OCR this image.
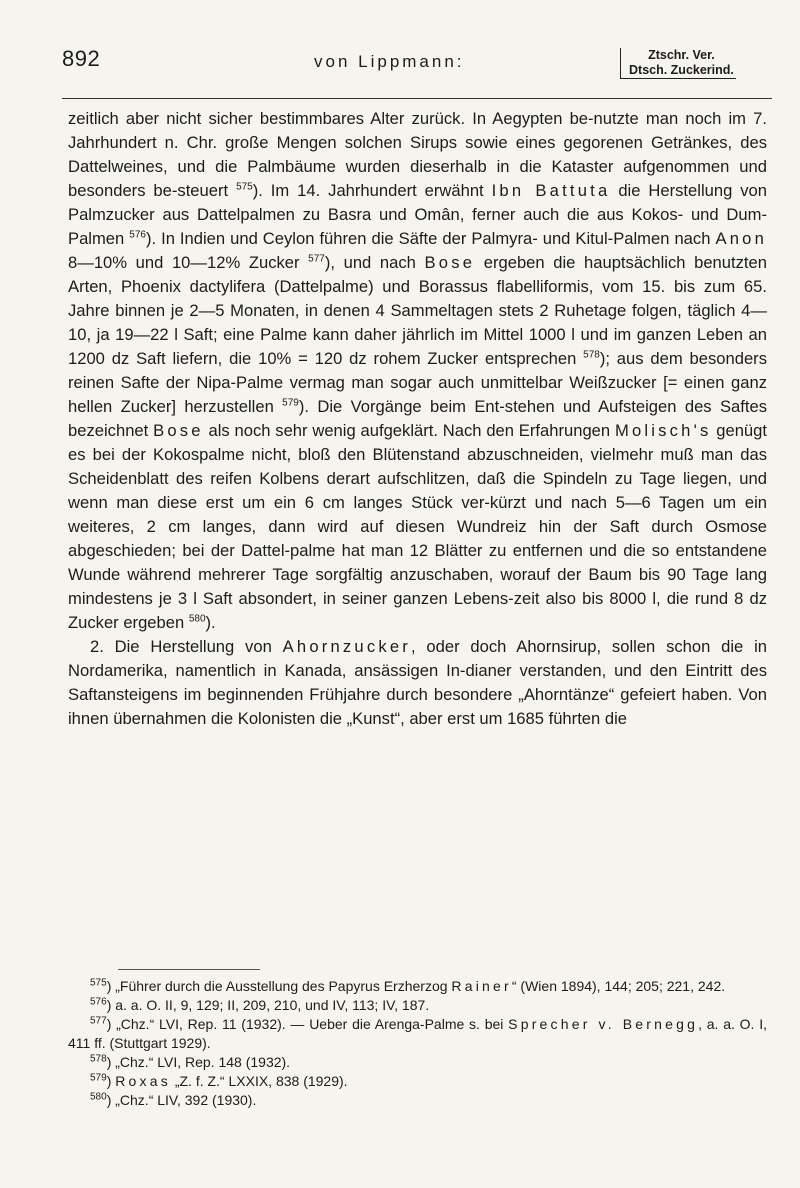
892	von Lippmann:	Ztschr. Ver.
Dtsch. Zuckerind.

zeitlich aber nicht sicher bestimmbares Alter zurück. In Aegypten be-nutzte man noch im 7. Jahrhundert n. Chr. große Mengen solchen Sirups sowie eines gegorenen Getränkes, des Dattelweines, und die Palmbäume wurden dieserhalb in die Kataster aufgenommen und besonders be-steuert $^{575}$). Im 14. Jahrhundert erwähnt Ibn Battuta die Herstellung von Palmzucker aus Dattelpalmen zu Basra und Omân, ferner auch die aus Kokos- und Dum-Palmen $^{576}$). In Indien und Ceylon führen die Säfte der Palmyra- und Kitul-Palmen nach Anon 8—10% und 10—12% Zucker $^{577}$), und nach Bose ergeben die hauptsächlich benutzten Arten, Phoenix dactylifera (Dattelpalme) und Borassus flabelliformis, vom 15. bis zum 65. Jahre binnen je 2—5 Monaten, in denen 4 Sammeltagen stets 2 Ruhetage folgen, täglich 4—10, ja 19—22 l Saft; eine Palme kann daher jährlich im Mittel 1000 l und im ganzen Leben an 1200 dz Saft liefern, die 10% = 120 dz rohem Zucker entsprechen $^{578}$); aus dem besonders reinen Safte der Nipa-Palme vermag man sogar auch unmittelbar Weißzucker [= einen ganz hellen Zucker] herzustellen $^{579}$). Die Vorgänge beim Ent-stehen und Aufsteigen des Saftes bezeichnet Bose als noch sehr wenig aufgeklärt. Nach den Erfahrungen Molisch's genügt es bei der Kokospalme nicht, bloß den Blütenstand abzuschneiden, vielmehr muß man das Scheidenblatt des reifen Kolbens derart aufschlitzen, daß die Spindeln zu Tage liegen, und wenn man diese erst um ein 6 cm langes Stück ver-kürzt und nach 5—6 Tagen um ein weiteres, 2 cm langes, dann wird auf diesen Wundreiz hin der Saft durch Osmose abgeschieden; bei der Dattel-palme hat man 12 Blätter zu entfernen und die so entstandene Wunde während mehrerer Tage sorgfältig anzuschaben, worauf der Baum bis 90 Tage lang mindestens je 3 l Saft absondert, in seiner ganzen Lebens-zeit also bis 8000 l, die rund 8 dz Zucker ergeben $^{580}$).

2. Die Herstellung von Ahornzucker, oder doch Ahornsirup, sollen schon die in Nordamerika, namentlich in Kanada, ansässigen In-dianer verstanden, und den Eintritt des Saftansteigens im beginnenden Frühjahre durch besondere „Ahorntänze“ gefeiert haben. Von ihnen übernahmen die Kolonisten die „Kunst“, aber erst um 1685 führten die

$^{575}$) „Führer durch die Ausstellung des Papyrus Erzherzog Rainer“ (Wien 1894), 144; 205; 221, 242.

$^{576}$) a. a. O. II, 9, 129; II, 209, 210, und IV, 113; IV, 187.

$^{577}$) „Chz.“ LVI, Rep. 11 (1932). — Ueber die Arenga-Palme s. bei Sprecher v. Bernegg, a. a. O. I, 411 ff. (Stuttgart 1929).

$^{578}$) „Chz.“ LVI, Rep. 148 (1932).

$^{579}$) Roxas „Z. f. Z.“ LXXIX, 838 (1929).

$^{580}$) „Chz.“ LIV, 392 (1930).
